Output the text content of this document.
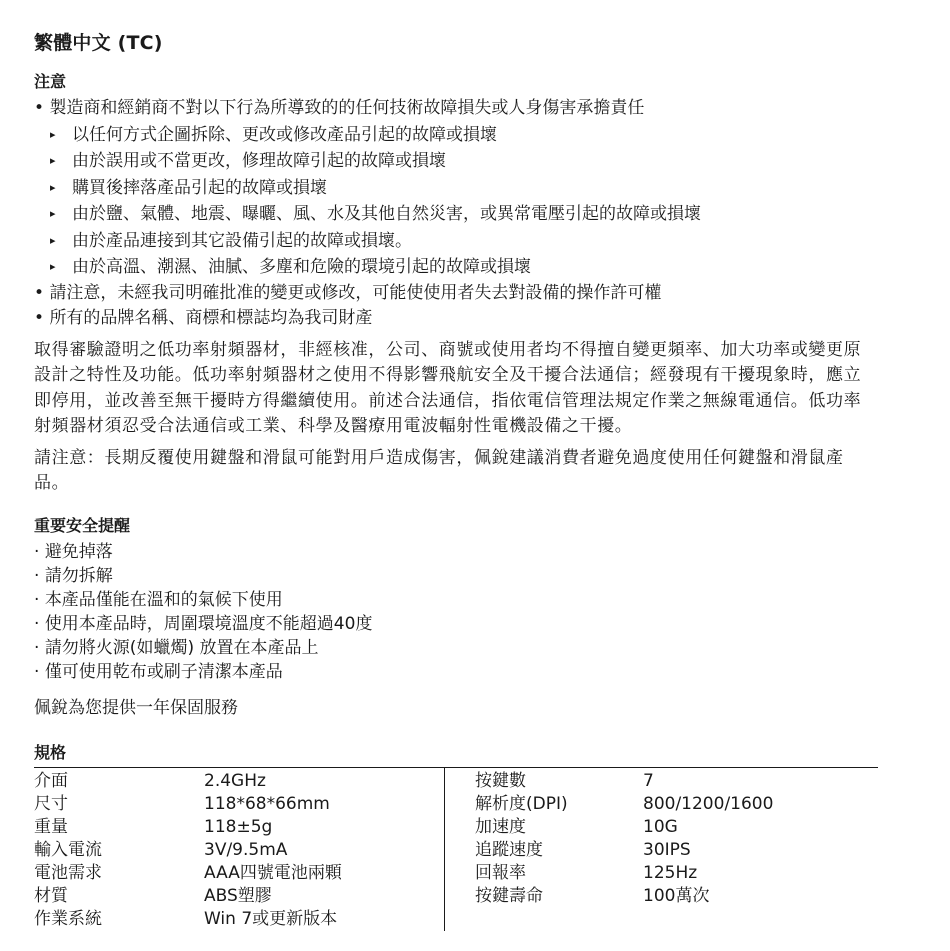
繁體中文 (TC)
注意
• 製造商和經銷商不對以下行為所導致的的任何技術故障損失或人身傷害承擔責任
▸ 以任何方式企圖拆除、更改或修改產品引起的故障或損壞
▸ 由於誤用或不當更改，修理故障引起的故障或損壞
▸ 購買後摔落產品引起的故障或損壞
▸ 由於鹽、氣體、地震、曝曬、風、水及其他自然災害，或異常電壓引起的故障或損壞
▸ 由於產品連接到其它設備引起的故障或損壞。
▸ 由於高溫、潮濕、油膩、多塵和危險的環境引起的故障或損壞
• 請注意，未經我司明確批准的變更或修改，可能使使用者失去對設備的操作許可權
• 所有的品牌名稱、商標和標誌均為我司財產

取得審驗證明之低功率射頻器材，非經核准，公司、商號或使用者均不得擅自變更頻率、加大功率或變更原設計之特性及功能。低功率射頻器材之使用不得影響飛航安全及干擾合法通信；經發現有干擾現象時，應立即停用，並改善至無干擾時方得繼續使用。前述合法通信，指依電信管理法規定作業之無線電通信。低功率射頻器材須忍受合法通信或工業、科學及醫療用電波輻射性電機設備之干擾。

請注意：長期反覆使用鍵盤和滑鼠可能對用戶造成傷害，佩銳建議消費者避免過度使用任何鍵盤和滑鼠產品。

重要安全提醒
· 避免掉落
· 請勿拆解
· 本產品僅能在溫和的氣候下使用
· 使用本產品時，周圍環境溫度不能超過40度
· 請勿將火源(如蠟燭) 放置在本產品上
· 僅可使用乾布或刷子清潔本產品

佩銳為您提供一年保固服務

規格
介面	2.4GHz	按鍵數	7
尺寸	118*68*66mm	解析度(DPI)	800/1200/1600
重量	118±5g	加速度	10G
輸入電流	3V/9.5mA	追蹤速度	30IPS
電池需求	AAA四號電池兩顆	回報率	125Hz
材質	ABS塑膠	按鍵壽命	100萬次
作業系統	Win 7或更新版本		
